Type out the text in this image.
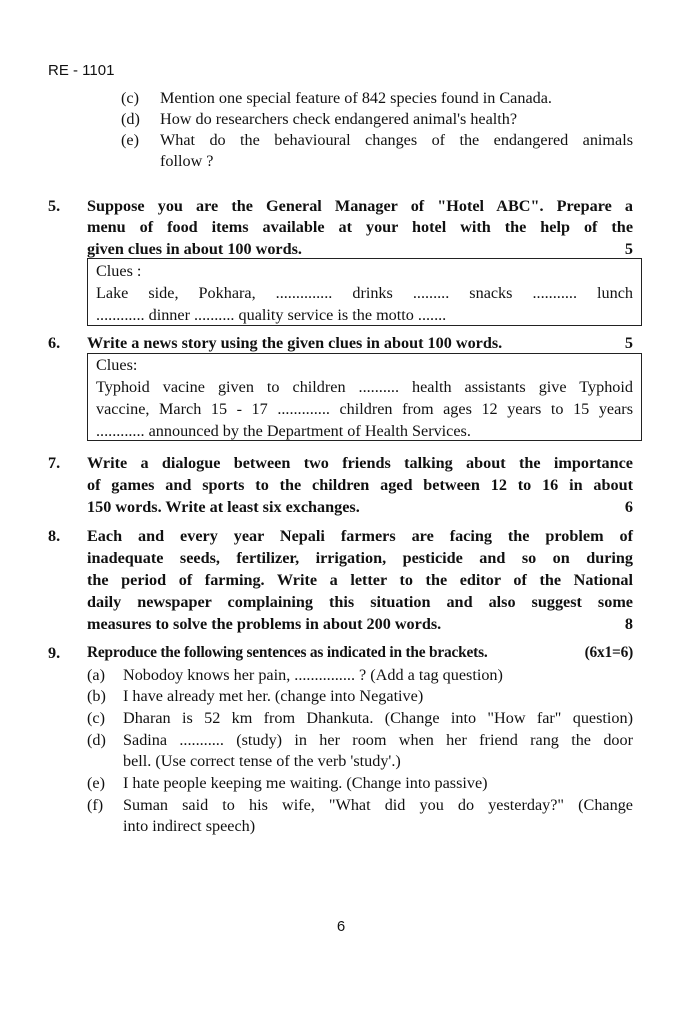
RE - 1101
(c)	Mention one special feature of 842 species found in Canada.
(d)	How do researchers check endangered animal's health?
(e)	What do the behavioural changes of the endangered animals
follow ?
5. Suppose you are the General Manager of "Hotel ABC". Prepare a
menu of food items available at your hotel with the help of the
given clues in about 100 words.	5
Clues :
Lake side, Pokhara, .............. drinks ......... snacks ........... lunch
............ dinner .......... quality service is the motto .......
6. Write a news story using the given clues in about 100 words.	5
Clues:
Typhoid vacine given to children .......... health assistants give Typhoid
vaccine, March 15 - 17 ............. children from ages 12 years to 15 years
............ announced by the Department of Health Services.
7. Write a dialogue between two friends talking about the importance
of games and sports to the children aged between 12 to 16 in about
150 words. Write at least six exchanges.	6
8. Each and every year Nepali farmers are facing the problem of
inadequate seeds, fertilizer, irrigation, pesticide and so on during
the period of farming. Write a letter to the editor of the National
daily newspaper complaining this situation and also suggest some
measures to solve the problems in about 200 words.	8
9. Reproduce the following sentences as indicated in the brackets.	(6x1=6)
(a)	Nobodoy knows her pain, ............... ? (Add a tag question)
(b)	I have already met her. (change into Negative)
(c)	Dharan is 52 km from Dhankuta. (Change into "How far" question)
(d)	Sadina ........... (study) in her room when her friend rang the door
bell. (Use correct tense of the verb 'study'.)
(e)	I hate people keeping me waiting. (Change into passive)
(f)	Suman said to his wife, "What did you do yesterday?" (Change
into indirect speech)
6
